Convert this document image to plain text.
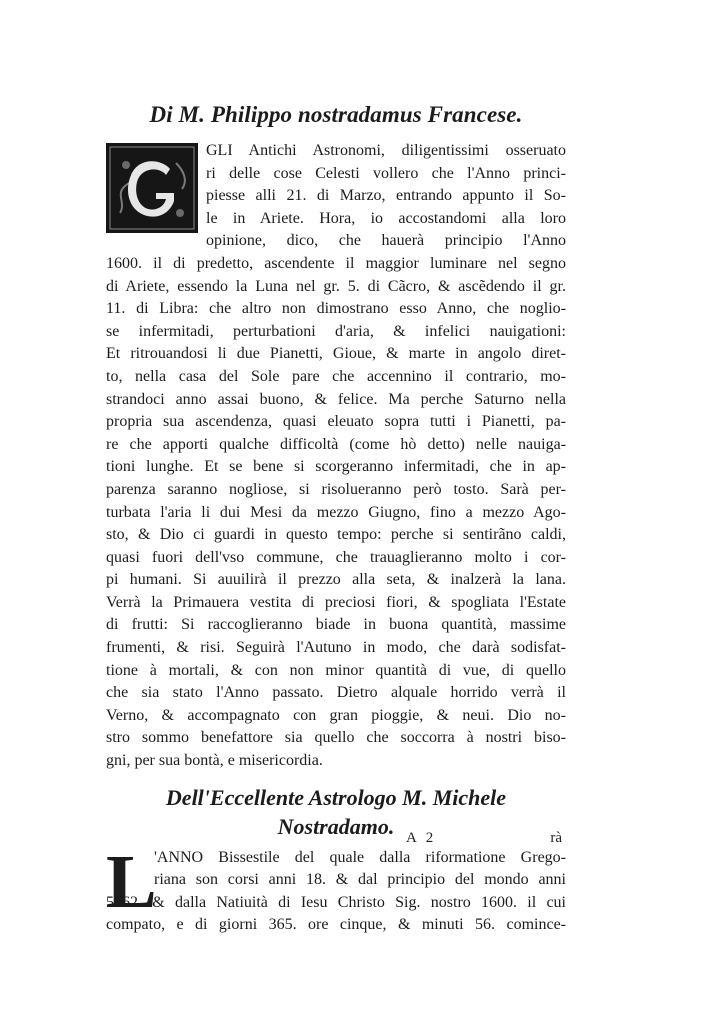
Di M. Philippo nostradamus Francese.
GLI Antichi Astronomi, diligentissimi osseruato
ri delle cose Celesti vollero che l'Anno princi-
piesse alli 21. di Marzo, entrando appunto il So-
le in Ariete. Hora, io accostandomi alla loro
opinione, dico, che hauerà principio l'Anno
1600. il di predetto, ascendente il maggior luminare nel segno
di Ariete, essendo la Luna nel gr. 5. di Cãcro, & ascẽdendo il gr.
11. di Libra: che altro non dimostrano esso Anno, che noglio-
se infermitadi, perturbationi d'aria, & infelici nauigationi:
Et ritrouandosi li due Pianetti, Gioue, & marte in angolo diret-
to, nella casa del Sole pare che accennino il contrario, mo-
strandoci anno assai buono, & felice. Ma perche Saturno nella
propria sua ascendenza, quasi eleuato sopra tutti i Pianetti, pa-
re che apporti qualche difficoltà (come hò detto) nelle nauiga-
tioni lunghe. Et se bene si scorgeranno infermitadi, che in ap-
parenza saranno nogliose, si risolueranno però tosto. Sarà per-
turbata l'aria li dui Mesi da mezzo Giugno, fino a mezzo Ago-
sto, & Dio ci guardi in questo tempo: perche si sentirãno caldi,
quasi fuori dell'vso commune, che trauaglieranno molto i cor-
pi humani. Si auuilirà il prezzo alla seta, & inalzerà la lana.
Verrà la Primauera vestita di preciosi fiori, & spogliata l'Estate
di frutti: Si raccoglieranno biade in buona quantità, massime
frumenti, & risi. Seguirà l'Autuno in modo, che darà sodisfat-
tione à mortali, & con non minor quantità di vue, di quello
che sia stato l'Anno passato. Dietro alquale horrido verrà il
Verno, & accompagnato con gran pioggie, & neui. Dio no-
stro sommo benefattore sia quello che soccorra à nostri biso-
gni, per sua bontà, e misericordia.
Dell'Eccellente Astrologo M. Michele
Nostradamo.
L
'ANNO Bissestile del quale dalla riformatione Grego-
riana son corsi anni 18. & dal principio del mondo anni
5562. & dalla Natiuità di Iesu Christo Sig. nostro 1600. il cui
compato, e di giorni 365. ore cinque, & minuti 56. comince-
A 2	rà
